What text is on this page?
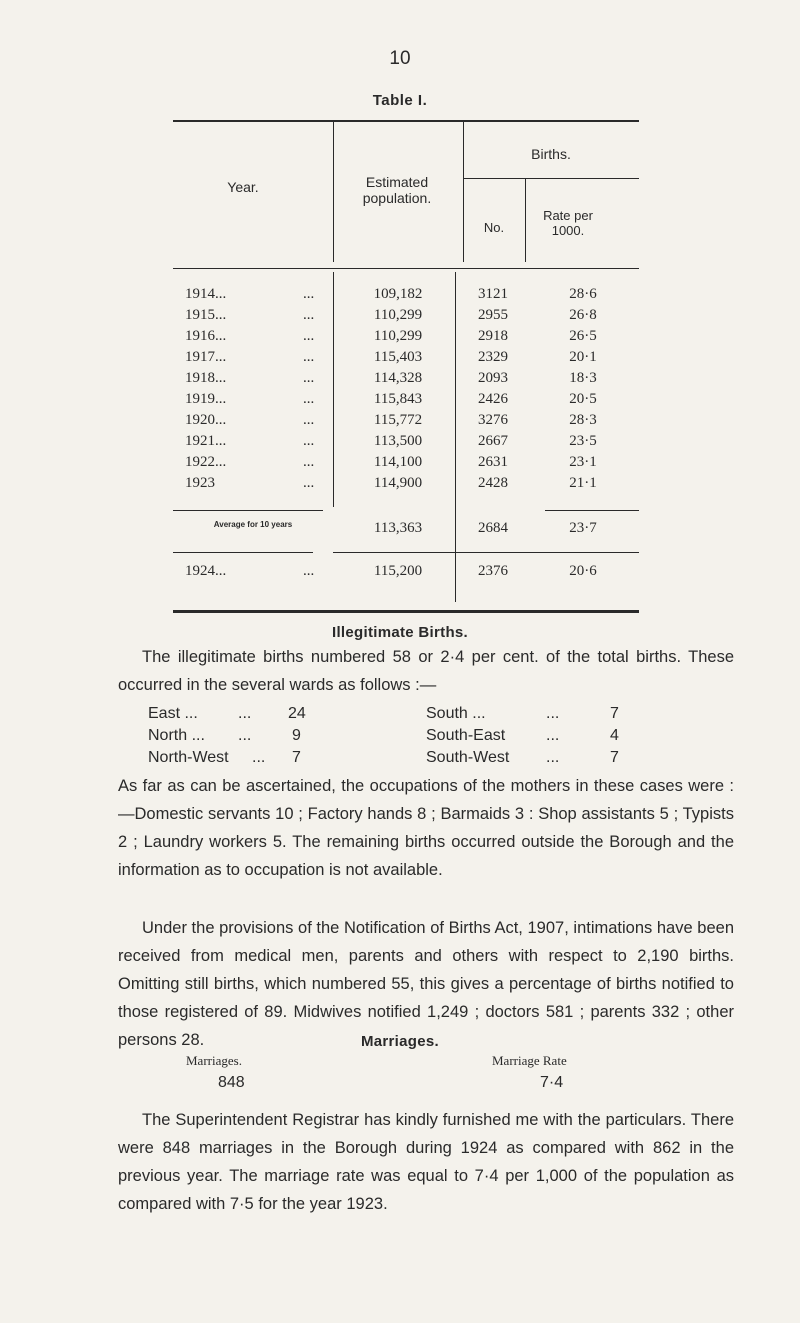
10
Table I.
Year.	Estimated population.
Births.
No.
Rate per 1000.
1914...	...	109,182	3121	28·6
1915...	...	110,299	2955	26·8
1916...	...	110,299	2918	26·5
1917...	...	115,403	2329	20·1
1918...	...	114,328	2093	18·3
1919...	...	115,843	2426	20·5
1920...	...	115,772	3276	28·3
1921...	...	113,500	2667	23·5
1922...	...	114,100	2631	23·1
1923	...	114,900	2428	21·1
Average for 10 years	113,363	2684	23·7
1924...	...	115,200	2376	20·6
Illegitimate Births.
The illegitimate births numbered 58 or 2·4 per cent. of the total births. These occurred in the several wards as follows :—
East ...	... 24
North ... ...	9
North-West ... 7
South ...	...	7
South-East	...	4
South-West ...	7
As far as can be ascertained, the occupations of the mothers in these cases were :—Domestic servants 10 ; Factory hands 8 ; Barmaids 3 : Shop assistants 5 ; Typists 2 ; Laundry workers 5. The remaining births occurred outside the Borough and the information as to occupation is not available.
Under the provisions of the Notification of Births Act, 1907, intimations have been received from medical men, parents and others with respect to 2,190 births. Omitting still births, which numbered 55, this gives a percentage of births notified to those registered of 89. Midwives notified 1,249 ; doctors 581 ; parents 332 ; other persons 28.	Marriages.
Marriages.	Marriage Rate
848	7·4
The Superintendent Registrar has kindly furnished me with the particulars. There were 848 marriages in the Borough during 1924 as compared with 862 in the previous year. The marriage rate was equal to 7·4 per 1,000 of the population as compared with 7·5 for the year 1923.
